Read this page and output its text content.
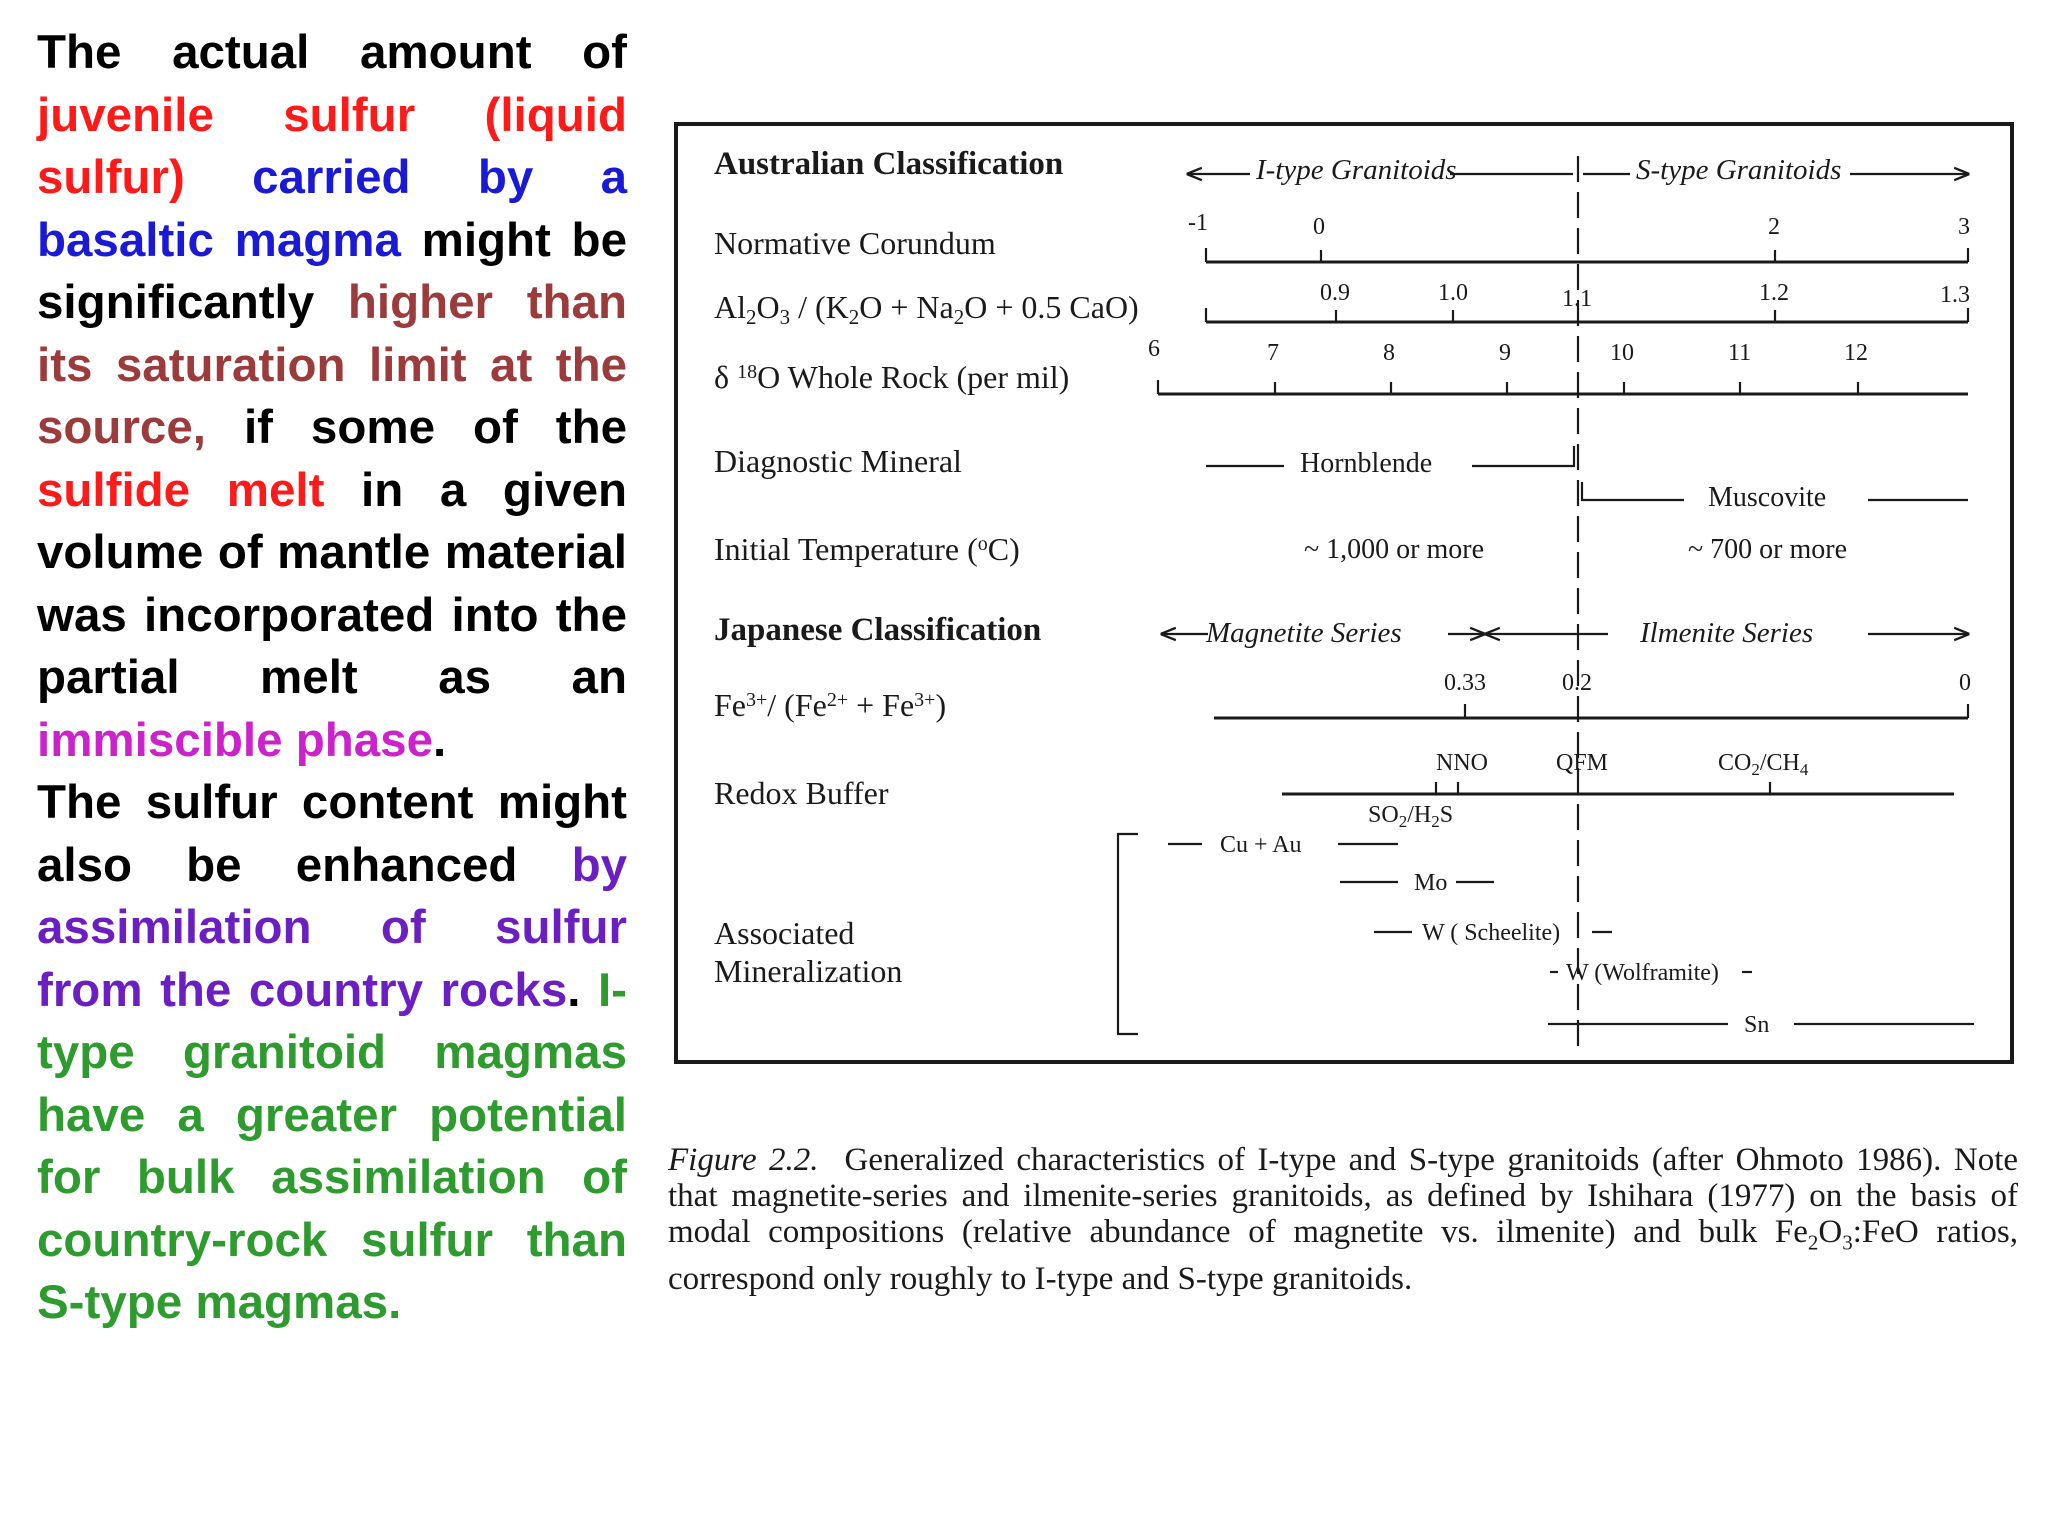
The actual amount of juvenile sulfur (liquid sulfur) carried by a basaltic magma might be significantly higher than its saturation limit at the source, if some of the sulfide melt in a given volume of mantle material was incorporated into the partial melt as an immiscible phase.

The sulfur content might also be enhanced by assimilation of sulfur from the country rocks. I-type granitoid magmas have a greater potential for bulk assimilation of country-rock sulfur than S-type magmas.

Australian Classification	I-type Granitoids	S-type Granitoids
Normative Corundum
-1	0	2	3
Al2O3 / (K2O + Na2O + 0.5 CaO)	0.9	1.0	1.1	1.2	1.3
δ $^{18}$O Whole Rock (per mil)
6	7	8	9	10	11	12
Diagnostic Mineral	Hornblende
Muscovite
Initial Temperature ($^o$C)	~ 1,000 or more	~ 700 or more
Japanese Classification	Magnetite Series	Ilmenite Series
$Fe^{3+}/$ $(Fe^{2+} + Fe^{3+})$
0.33	0.2	0
Redox Buffer
NNO	QFM	$CO_2/CH_4$
$SO_2/H_2S$
Associated
Mineralization
Cu + Au
Mo
W ( Scheelite)
W (Wolframite)
Sn
Figure 2.2. Generalized characteristics of I-type and S-type granitoids (after Ohmoto 1986). Note that magnetite-series and ilmenite-series granitoids, as defined by Ishihara (1977) on the basis of modal compositions (relative abundance of magnetite vs. ilmenite) and bulk $Fe_2O_3:FeO$ ratios, correspond only roughly to I-type and S-type granitoids.
